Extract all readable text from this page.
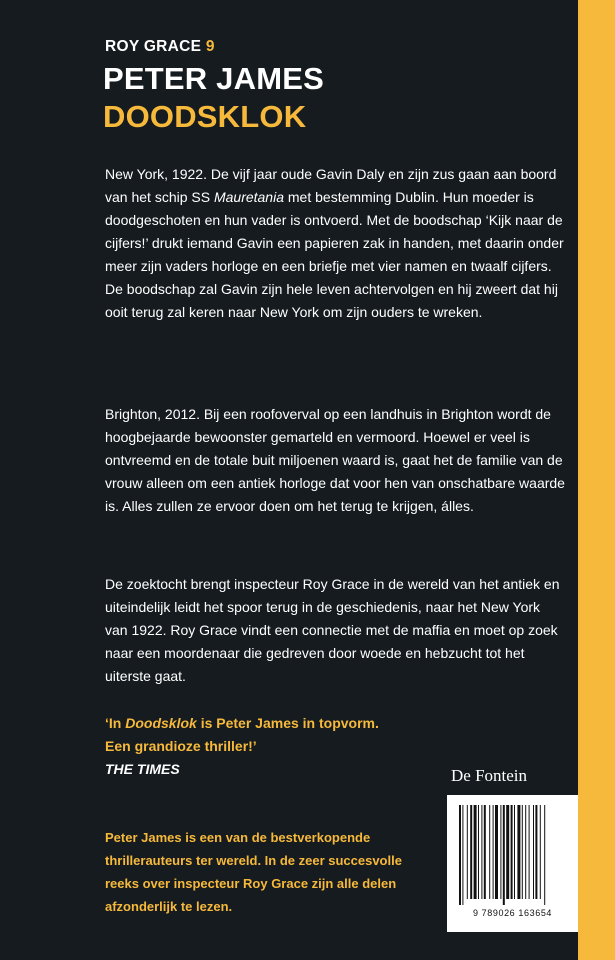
ROY GRACE 9
PETER JAMES
DOODSKLOK
New York, 1922. De vijf jaar oude Gavin Daly en zijn zus gaan aan boord van het schip SS Mauretania met bestemming Dublin. Hun moeder is doodgeschoten en hun vader is ontvoerd. Met de boodschap ‘Kijk naar de cijfers!’ drukt iemand Gavin een papieren zak in handen, met daarin onder meer zijn vaders horloge en een briefje met vier namen en twaalf cijfers. De boodschap zal Gavin zijn hele leven achtervolgen en hij zweert dat hij ooit terug zal keren naar New York om zijn ouders te wreken.
Brighton, 2012. Bij een roofoverval op een landhuis in Brighton wordt de hoogbejaarde bewoonster gemarteld en vermoord. Hoewel er veel is ontvreemd en de totale buit miljoenen waard is, gaat het de familie van de vrouw alleen om een antiek horloge dat voor hen van onschatbare waarde is. Alles zullen ze ervoor doen om het terug te krijgen, álles.
De zoektocht brengt inspecteur Roy Grace in de wereld van het antiek en uiteindelijk leidt het spoor terug in de geschiedenis, naar het New York van 1922. Roy Grace vindt een connectie met de maffia en moet op zoek naar een moordenaar die gedreven door woede en hebzucht tot het uiterste gaat.
‘In Doodsklok is Peter James in topvorm.
Een grandioze thriller!’
THE TIMES	De Fontein
Peter James is een van de bestverkopende thrillerauteurs ter wereld. In de zeer succesvolle reeks over inspecteur Roy Grace zijn alle delen afzonderlijk te lezen.	9 789026 163654
